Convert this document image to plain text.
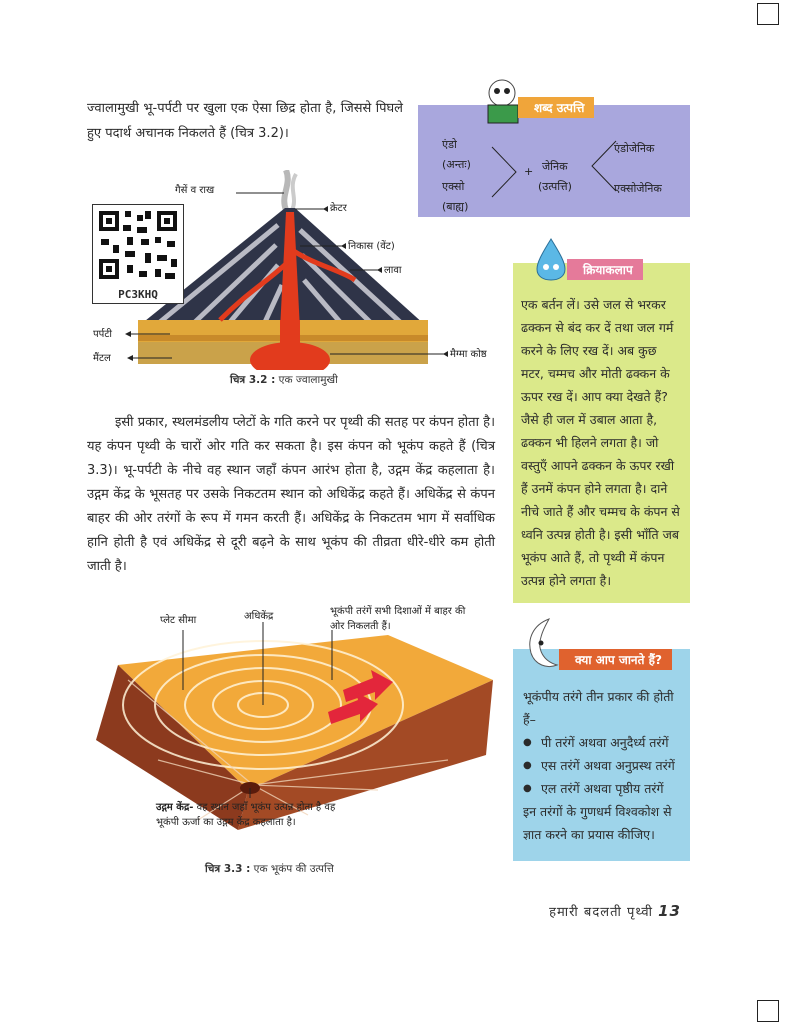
ज्वालामुखी भू-पर्पटी पर खुला एक ऐसा छिद्र होता है, जिससे पिघले हुए पदार्थ अचानक निकलते हैं (चित्र 3.2)।
गैसें व राख
क्रेटर
निकास (वेंट)
लावा
पर्पटी
मैंटल	मैग्मा कोष्ठ
PC3KHQ
चित्र 3.2 : एक ज्वालामुखी

इसी प्रकार, स्थलमंडलीय प्लेटों के गति करने पर पृथ्वी की सतह पर कंपन होता है। यह कंपन पृथ्वी के चारों ओर गति कर सकता है। इस कंपन को भूकंप कहते हैं (चित्र 3.3)। भू-पर्पटी के नीचे वह स्थान जहाँ कंपन आरंभ होता है, उद्गम केंद्र कहलाता है। उद्गम केंद्र के भूसतह पर उसके निकटतम स्थान को अधिकेंद्र कहते हैं। अधिकेंद्र से कंपन बाहर की ओर तरंगों के रूप में गमन करती हैं। अधिकेंद्र के निकटतम भाग में सर्वाधिक हानि होती है एवं अधिकेंद्र से दूरी बढ़ने के साथ भूकंप की तीव्रता धीरे-धीरे कम होती जाती है।

प्लेट सीमा	अधिकेंद्र	भूकंपी तरंगें सभी दिशाओं में बाहर की ओर निकलती हैं।
उद्गम केंद्र- वह स्थान जहाँ भूकंप उत्पन्न होता है वह भूकंपी ऊर्जा का उद्गम केंद्र कहलाता है।
चित्र 3.3 : एक भूकंप की उत्पत्ति
शब्द उत्पत्ति
एंडो
(अन्तः)
एक्सो
(बाह्य)
+ जेनिक
(उत्पत्ति)
एंडोजेनिक
एक्सोजेनिक
क्रियाकलाप
एक बर्तन लें। उसे जल से भरकर ढक्कन से बंद कर दें तथा जल गर्म करने के लिए रख दें। अब कुछ मटर, चम्मच और मोती ढक्कन के ऊपर रख दें। आप क्या देखते हैं? जैसे ही जल में उबाल आता है, ढक्कन भी हिलने लगता है। जो वस्तुएँ आपने ढक्कन के ऊपर रखी हैं उनमें कंपन होने लगता है। दाने नीचे जाते हैं और चम्मच के कंपन से ध्वनि उत्पन्न होती है। इसी भाँति जब भूकंप आते हैं, तो पृथ्वी में कंपन उत्पन्न होने लगता है।
क्या आप जानते हैं?
भूकंपीय तरंगे तीन प्रकार की होती हैं–
● पी तरंगें अथवा अनुदैर्ध्य तरंगें
● एस तरंगें अथवा अनुप्रस्थ तरंगें
● एल तरंगें अथवा पृष्ठीय तरंगें
इन तरंगों के गुणधर्म विश्वकोश से ज्ञात करने का प्रयास कीजिए।
हमारी बदलती पृथ्वी 13
